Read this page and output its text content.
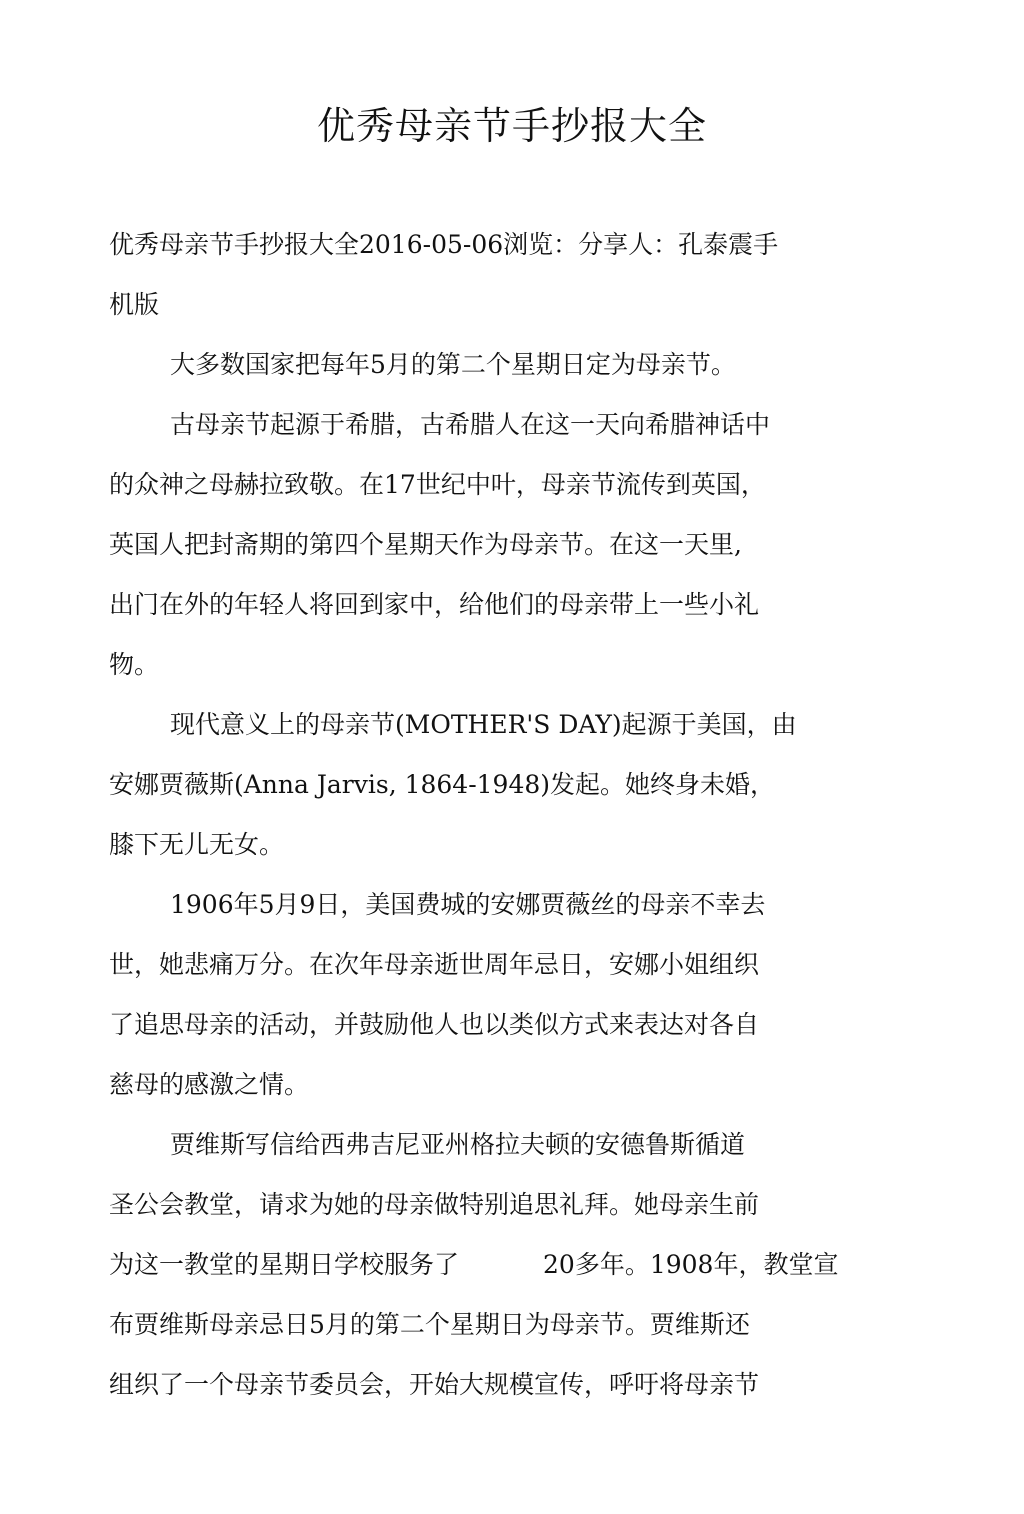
优秀母亲节手抄报大全

优秀母亲节手抄报大全2016-05-06浏览：分享人：孔泰震手

机版

大多数国家把每年5月的第二个星期日定为母亲节。

古母亲节起源于希腊，古希腊人在这一天向希腊神话中

的众神之母赫拉致敬。在17世纪中叶，母亲节流传到英国，

英国人把封斋期的第四个星期天作为母亲节。在这一天里,

出门在外的年轻人将回到家中，给他们的母亲带上一些小礼

物。

现代意义上的母亲节(MOTHER'S DAY)起源于美国，由

安娜贾薇斯(Anna Jarvis, 1864-1948)发起。她终身未婚，

膝下无儿无女。

1906年5月9日，美国费城的安娜贾薇丝的母亲不幸去

世，她悲痛万分。在次年母亲逝世周年忌日，安娜小姐组织

了追思母亲的活动，并鼓励他人也以类似方式来表达对各自

慈母的感激之情。

贾维斯写信给西弗吉尼亚州格拉夫顿的安德鲁斯循道

圣公会教堂，请求为她的母亲做特别追思礼拜。她母亲生前

为这一教堂的星期日学校服务了	20多年。1908年，教堂宣

布贾维斯母亲忌日5月的第二个星期日为母亲节。贾维斯还

组织了一个母亲节委员会，开始大规模宣传，呼吁将母亲节
